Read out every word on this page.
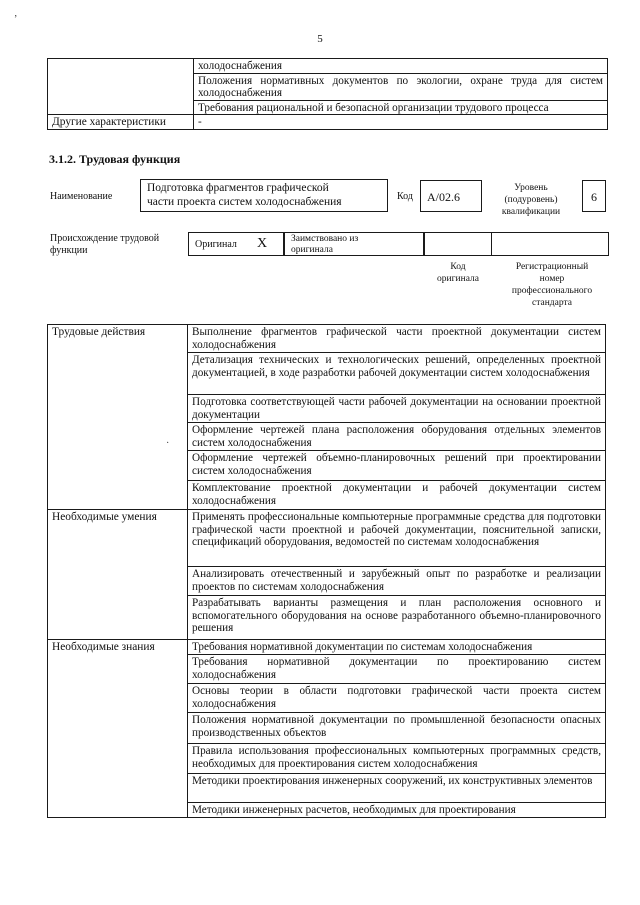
ʼ
5
	холодоснабжения
	Положения нормативных документов по экологии, охране труда для систем холодоснабжения
	Требования рациональной и безопасной организации трудового процесса
Другие характеристики	-
3.1.2. Трудовая функция
Наименование
Подготовка фрагментов графической
части проекта систем холодоснабжения	Код	А/02.6
Уровень
(подуровень)
квалификации
6
Происхождение трудовой
функции
Оригинал X	Заимствовано из
оригинала
Код
оригинала
Регистрационный
номер
профессионального
стандарта
·
Трудовые действия	Выполнение фрагментов графической части проектной документации систем холодоснабжения
	Детализация технических и технологических решений, определенных проектной документацией, в ходе разработки рабочей документации систем холодоснабжения
	Подготовка соответствующей части рабочей документации на основании проектной документации
	Оформление чертежей плана расположения оборудования отдельных элементов систем холодоснабжения
	Оформление чертежей объемно-планировочных решений при проектировании систем холодоснабжения
	Комплектование проектной документации и рабочей документации систем холодоснабжения
Необходимые умения	Применять профессиональные компьютерные программные средства для подготовки графической части проектной и рабочей документации, пояснительной записки, спецификаций оборудования, ведомостей по системам холодоснабжения
	Анализировать отечественный и зарубежный опыт по разработке и реализации проектов по системам холодоснабжения
	Разрабатывать варианты размещения и план расположения основного и вспомогательного оборудования на основе разработанного объемно-планировочного решения
Необходимые знания	Требования нормативной документации по системам холодоснабжения
	Требования нормативной документации по проектированию систем холодоснабжения
	Основы теории в области подготовки графической части проекта систем холодоснабжения
	Положения нормативной документации по промышленной безопасности опасных производственных объектов
	Правила использования профессиональных компьютерных программных средств, необходимых для проектирования систем холодоснабжения
	Методики проектирования инженерных сооружений, их конструктивных элементов
	Методики инженерных расчетов, необходимых для проектирования
